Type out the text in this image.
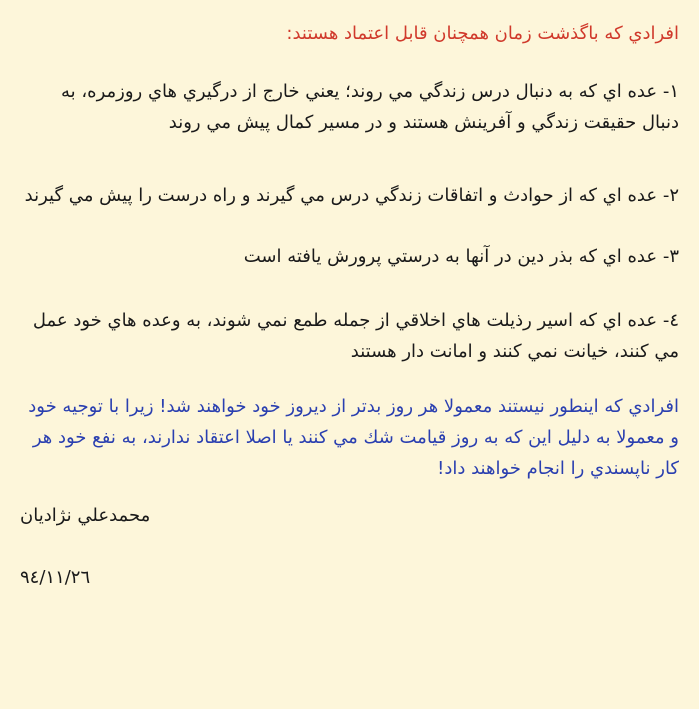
افرادي كه باگذشت زمان همچنان قابل اعتماد هستند:

١- عده اي كه به دنبال درس زندگي مي روند؛ يعني خارج از درگيري هاي روزمره، به دنبال حقيقت زندگي و آفرينش هستند و در مسير كمال پيش مي روند

٢- عده اي كه از حوادث و اتفاقات زندگي درس مي گيرند و راه درست را پيش مي گيرند

٣- عده اي كه بذر دين در آنها به درستي پرورش يافته است

٤- عده اي كه اسير رذيلت هاي اخلاقي از جمله طمع نمي شوند، به وعده هاي خود عمل مي كنند، خيانت نمي كنند و امانت دار هستند

افرادي كه اينطور نيستند معمولا هر روز بدتر از ديروز خود خواهند شد! زيرا با توجيه خود و معمولا به دليل اين كه به روز قيامت شك مي كنند يا اصلا اعتقاد ندارند، به نفع خود هر كار ناپسندي را انجام خواهند داد!

محمدعلي نژاديان
٩٤/١١/٢٦
